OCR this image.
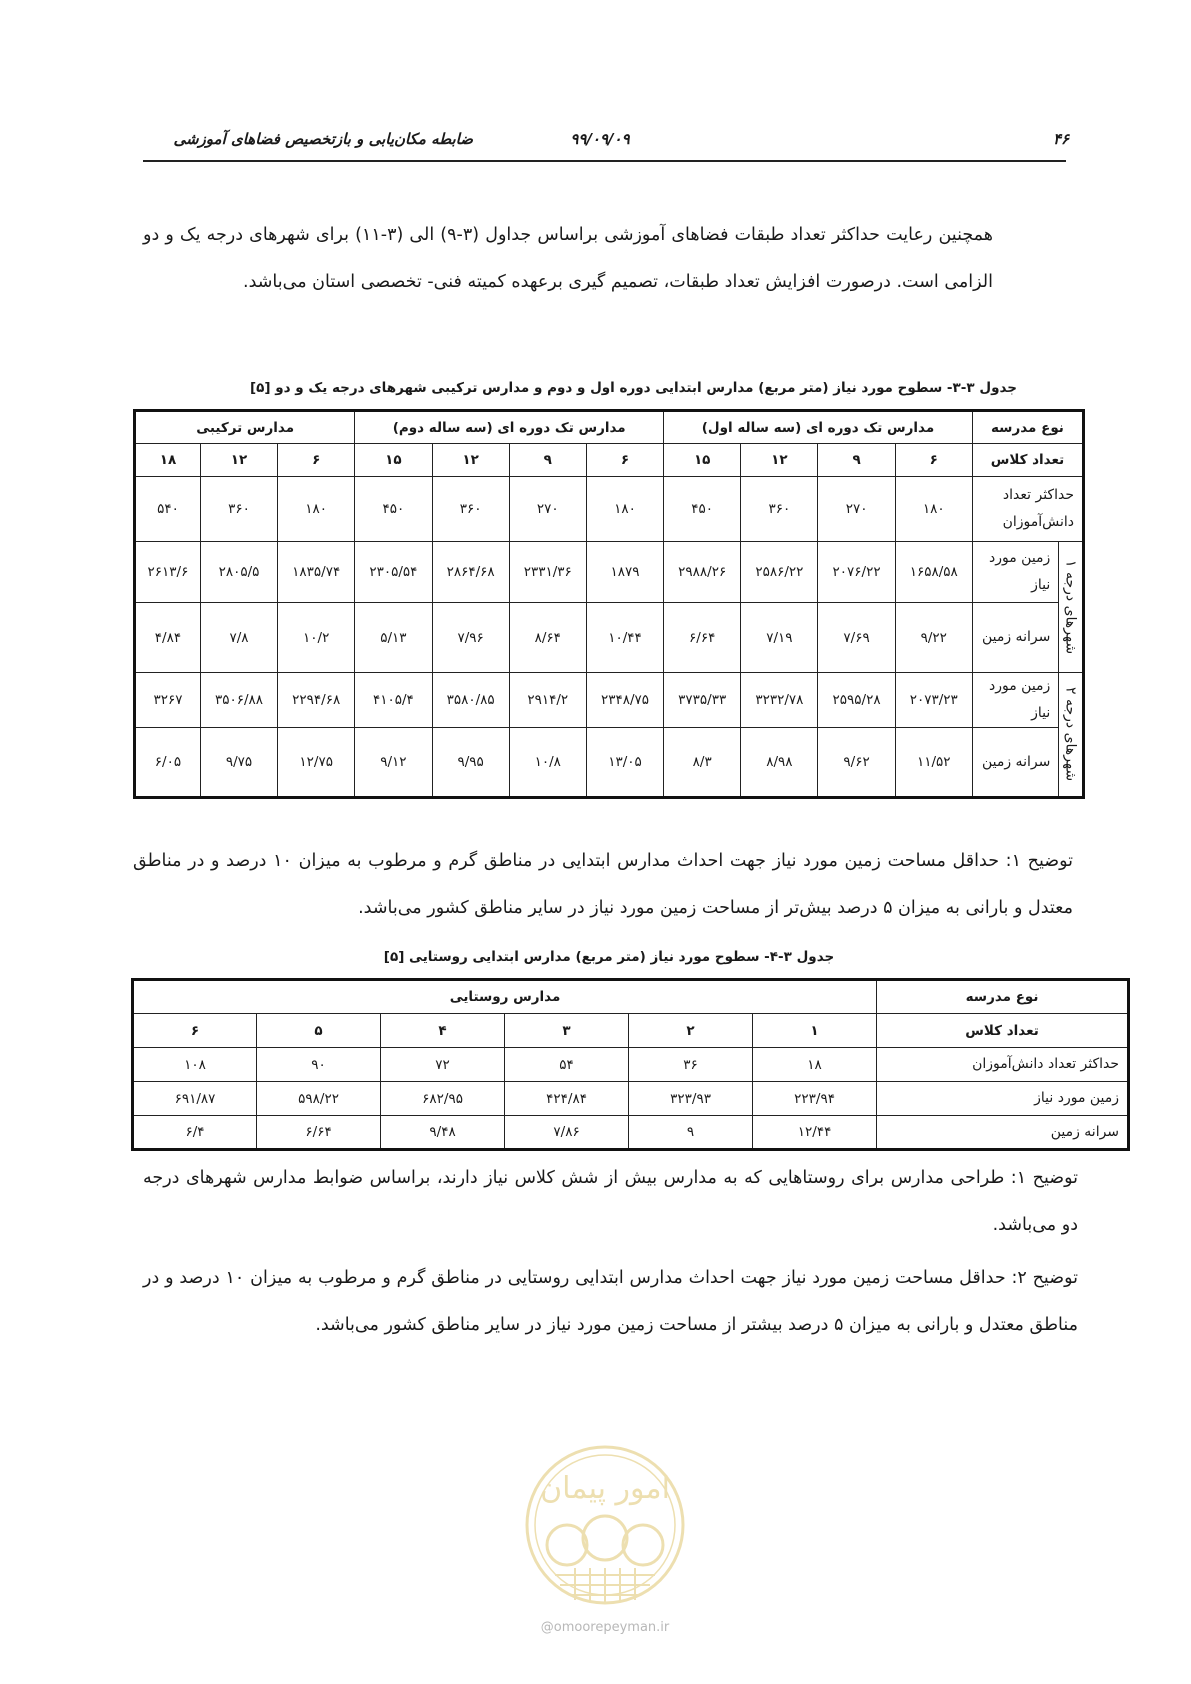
۴۶
۹۹/۰۹/۰۹
ضابطه مکان‌یابی و بازتخصیص فضاهای آموزشی
همچنین رعایت حداکثر تعداد طبقات فضاهای آموزشی براساس جداول (۳-۹) الی (۳-۱۱) برای شهرهای درجه یک و دو الزامی است. درصورت افزایش تعداد طبقات، تصمیم گیری برعهده کمیته فنی- تخصصی استان می‌باشد.
جدول ۳-۳- سطوح مورد نیاز (متر مربع) مدارس ابتدایی دوره اول و دوم و مدارس ترکیبی شهرهای درجه یک و دو [۵]
نوع مدرسه		مدارس تک دوره ای (سه ساله اول)				مدارس تک دوره ای (سه ساله دوم)				مدارس ترکیبی		
تعداد کلاس		۶	۹	۱۲	۱۵	۶	۹	۱۲	۱۵	۶	۱۲	۱۸
حداکثر تعداد دانش‌آموزان		۱۸۰	۲۷۰	۳۶۰	۴۵۰	۱۸۰	۲۷۰	۳۶۰	۴۵۰	۱۸۰	۳۶۰	۵۴۰

شهرهای درجه ۱	زمین مورد نیاز	۱۶۵۸/۵۸	۲۰۷۶/۲۲	۲۵۸۶/۲۲	۲۹۸۸/۲۶	۱۸۷۹	۲۳۳۱/۳۶	۲۸۶۴/۶۸	۲۳۰۵/۵۴	۱۸۳۵/۷۴	۲۸۰۵/۵	۲۶۱۳/۶
	سرانه زمین	۹/۲۲	۷/۶۹	۷/۱۹	۶/۶۴	۱۰/۴۴	۸/۶۴	۷/۹۶	۵/۱۳	۱۰/۲	۷/۸	۴/۸۴

شهرهای درجه ۲	زمین مورد نیاز	۲۰۷۳/۲۳	۲۵۹۵/۲۸	۳۲۳۲/۷۸	۳۷۳۵/۳۳	۲۳۴۸/۷۵	۲۹۱۴/۲	۳۵۸۰/۸۵	۴۱۰۵/۴	۲۲۹۴/۶۸	۳۵۰۶/۸۸	۳۲۶۷
	سرانه زمین	۱۱/۵۲	۹/۶۲	۸/۹۸	۸/۳	۱۳/۰۵	۱۰/۸	۹/۹۵	۹/۱۲	۱۲/۷۵	۹/۷۵	۶/۰۵
توضیح ۱: حداقل مساحت زمین مورد نیاز جهت احداث مدارس ابتدایی در مناطق گرم و مرطوب به میزان ۱۰ درصد و در مناطق معتدل و بارانی به میزان ۵ درصد بیش‌تر از مساحت زمین مورد نیاز در سایر مناطق کشور می‌باشد.
جدول ۳-۴- سطوح مورد نیاز (متر مربع) مدارس ابتدایی روستایی [۵]
نوع مدرسه	مدارس روستایی					
تعداد کلاس	۱	۲	۳	۴	۵	۶
حداکثر تعداد دانش‌آموزان	۱۸	۳۶	۵۴	۷۲	۹۰	۱۰۸
زمین مورد نیاز	۲۲۳/۹۴	۳۲۳/۹۳	۴۲۴/۸۴	۶۸۲/۹۵	۵۹۸/۲۲	۶۹۱/۸۷
سرانه زمین	۱۲/۴۴	۹	۷/۸۶	۹/۴۸	۶/۶۴	۶/۴
توضیح ۱: طراحی مدارس برای روستاهایی که به مدارس بیش از شش کلاس نیاز دارند، براساس ضوابط مدارس شهرهای درجه دو می‌باشد.
توضیح ۲: حداقل مساحت زمین مورد نیاز جهت احداث مدارس ابتدایی روستایی در مناطق گرم و مرطوب به میزان ۱۰ درصد و در مناطق معتدل و بارانی به میزان ۵ درصد بیشتر از مساحت زمین مورد نیاز در سایر مناطق کشور می‌باشد.
امور پیمان
@omoorepeyman.ir
